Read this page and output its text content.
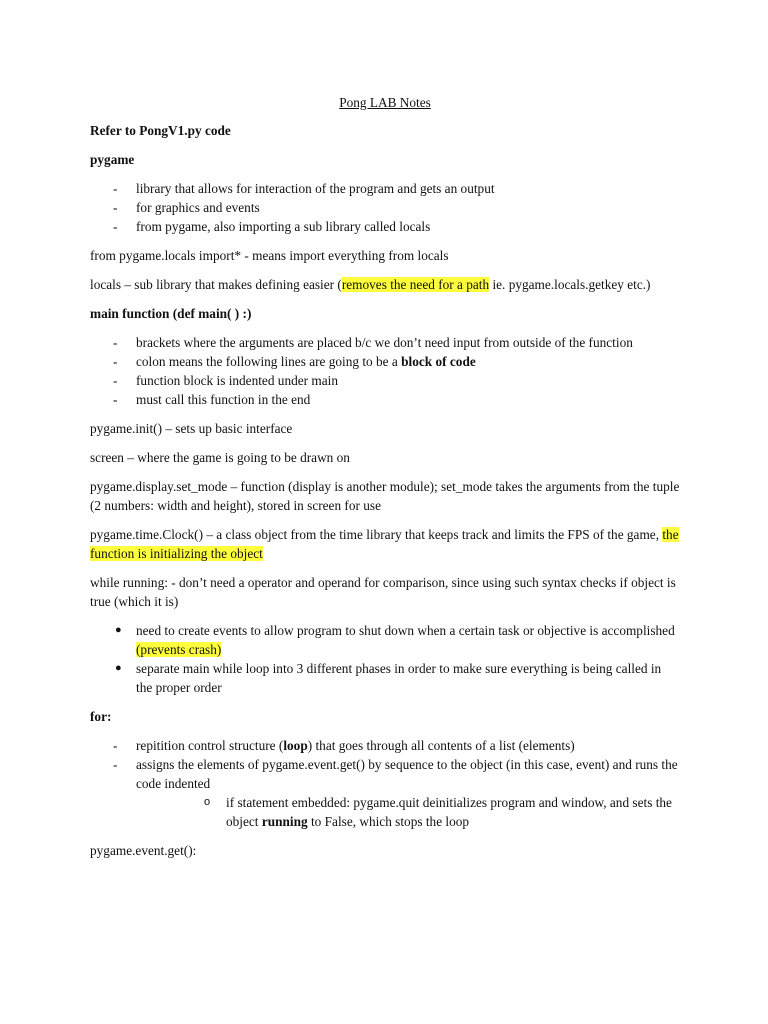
Pong LAB Notes

Refer to PongV1.py code

pygame

- library that allows for interaction of the program and gets an output
- for graphics and events
- from pygame, also importing a sub library called locals

from pygame.locals import* - means import everything from locals

locals – sub library that makes defining easier (removes the need for a path ie. pygame.locals.getkey etc.)

main function (def main( ) :)

- brackets where the arguments are placed b/c we don’t need input from outside of the function
- colon means the following lines are going to be a block of code
- function block is indented under main
- must call this function in the end

pygame.init() – sets up basic interface

screen – where the game is going to be drawn on

pygame.display.set_mode – function (display is another module); set_mode takes the arguments from the tuple (2 numbers: width and height), stored in screen for use

pygame.time.Clock() – a class object from the time library that keeps track and limits the FPS of the game, the function is initializing the object

while running: - don’t need a operator and operand for comparison, since using such syntax checks if object is true (which it is)

● need to create events to allow program to shut down when a certain task or objective is accomplished (prevents crash)
● separate main while loop into 3 different phases in order to make sure everything is being called in the proper order

for:

- repitition control structure (loop) that goes through all contents of a list (elements)
- assigns the elements of pygame.event.get() by sequence to the object (in this case, event) and runs the code indented
o if statement embedded: pygame.quit deinitializes program and window, and sets the object running to False, which stops the loop

pygame.event.get():
